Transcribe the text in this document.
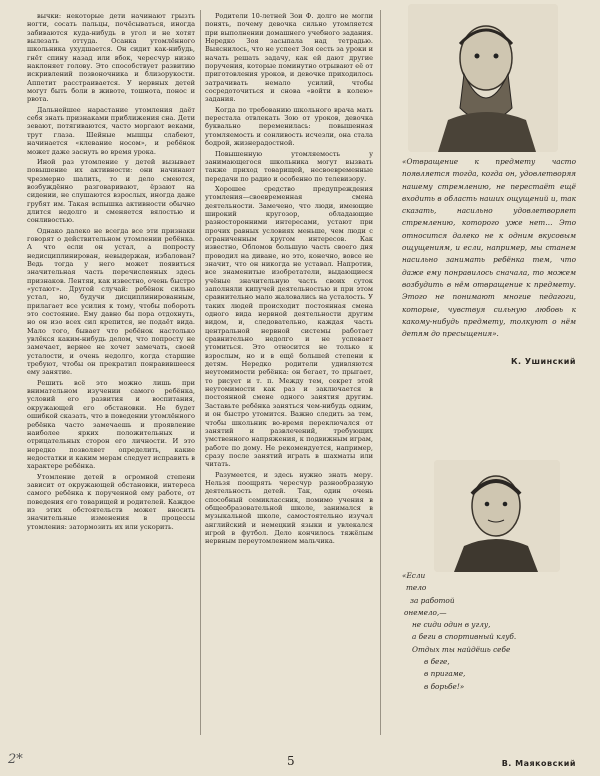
вычки: некоторые дети начинают грызть ногти, сосать пальцы, почёсываться, иногда забиваются куда-нибудь в угол и не хотят вылезать оттуда. Осанка утомлённого школьника ухудшается. Он сидит как-нибудь, гнёт спину назад или вбок, чересчур низко наклоняет голову. Это способствует развитию искривлений позвоночника и близорукости. Аппетит расстраивается. У нервных детей могут быть боли в животе, тошнота, понос и рвота.

Дальнейшее нарастание утомления даёт себя знать признаками приближения сна. Дети зевают, потягиваются, часто моргают веками, трут глаза. Шейные мышцы слабеют, начинается «клевание носом», и ребёнок может даже заснуть во время урока.

Иной раз утомление у детей вызывает повышение их активности: они начинают чрезмерно шалить, то и дело смеются, возбуждённо разговаривают, ёрзают на сидении, не слушаются взрослых, иногда даже грубят им. Такая вспышка активности обычно длится недолго и сменяется вялостью и сонливостью.

Однако далеко не всегда все эти признаки говорят о действительном утомлении ребёнка. А что если он устал, а попросту недисциплинирован, невыдержан, избалован? Ведь тогда у него может появиться значительная часть перечисленных здесь признаков. Лентяи, как известно, очень быстро «устают». Другой случай: ребёнок сильно устал, но, будучи дисциплинированным, прилагает все усилия к тому, чтобы побороть это состояние. Ему давно бы пора отдохнуть, но он изо всех сил крепится, не подаёт вида. Мало того, бывает что ребёнок настолько увлёкся каким-нибудь делом, что попросту не замечает, вернее не хочет замечать, своей усталости, и очень недолго, когда старшие требуют, чтобы он прекратил понравившееся ему занятие.

Решить всё это можно лишь при внимательном изучении самого ребёнка, условий его развития и воспитания, окружающей его обстановки. Не будет ошибкой сказать, что в поведении утомлённого ребёнка часто замечаешь и проявление наиболее ярких положительных и отрицательных сторон его личности. И это нередко позволяет определить, какие недостатки и каким мерам следует исправить в характере ребёнка.

Утомление детей в огромной степени зависит от окружающей обстановки, интереса самого ребёнка к порученной ему работе, от поведения его товарищей и родителей. Каждое из этих обстоятельств может вносить значительные изменения в процессы утомления: затормозить их или ускорить.

Родители 10-летней Зои Ф. долго не могли понять, почему девочка сильно утомляется при выполнении домашнего учебного задания. Нередко Зоя засыпала над тетрадью. Выяснилось, что не успеет Зоя сесть за уроки и начать решать задачу, как ей дают другие поручения, которые поминутно отрывают её от приготовления уроков, и девочке приходилось затрачивать немало усилий, чтобы сосредоточиться и снова «войти в колею» задания.

Когда по требованию школьного врача мать перестала отвлекать Зою от уроков, девочка буквально переменилась: повышенная утомляемость и сонливость исчезли, она стала бодрой, жизнерадостной.

Повышенную утомляемость у занимающегося школьника могут вызвать также приход товарищей, несвоевременные передачи по радио и особенно по телевизору.

Хорошее средство предупреждения утомления—своевременная смена деятельности. Замечено, что люди, имеющие широкий кругозор, обладающие разносторонними интересами, устают при прочих равных условиях меньше, чем люди с ограниченным кругом интересов. Как известно, Обломов большую часть своего дня проводил на диване, но это, конечно, вовсе не значит, что он никогда не уставал. Напротив, все знаменитые изобретатели, выдающиеся учёные значительную часть своих суток заполняли кипучей деятельностью и при этом сравнительно мало жаловались на усталость. У таких людей происходит постоянная смена одного вида нервной деятельности другим видом, и, следовательно, каждая часть центральной нервной системы работает сравнительно недолго и не успевает утомиться. Это относится не только к взрослым, но и в ещё большей степени к детям. Нередко родители удивляются неутомимости ребёнка: он бегает, то прыгает, то рисует и т. п. Между тем, секрет этой неутомимости как раз и заключается в постоянной смене одного занятия другим. Заставьте ребёнка заняться чем-нибудь одним, и он быстро утомится. Важно следить за тем, чтобы школьник во-время переключался от занятий и развлечений, требующих умственного напряжения, к подвижным играм, работе по дому. Не рекомендуется, например, сразу после занятий играть в шахматы или читать.

Разумеется, и здесь нужно знать меру. Нельзя поощрять чересчур разнообразную деятельность детей. Так, один очень способный семиклассник, помимо учения в общеобразовательной школе, занимался в музыкальной школе, самостоятельно изучал английский и немецкий языки и увлекался игрой в футбол. Дело кончилось тяжёлым нервным переутомлением мальчика.

«Отвращение к предмету часто появляется тогда, когда он, удовлетворяя нашему стремлению, не перестаёт ещё входить в область наших ощущений и, так сказать, насильно удовлетворяет стремлению, которого уже нет… Это относится далеко не к одним вкусовым ощущениям, и если, например, мы станем насильно занимать ребёнка тем, что даже ему понравилось сначала, то можем возбудить в нём отвращение к предмету. Этого не понимают многие педагоги, которые, чувствуя сильную любовь к какому-нибудь предмету, толкуют о нём детям до пресыщения».
К. Ушинский
«Если
тело
за работой
онемело,—
не сиди один в углу,
а беги в спортивный клуб.
Отдых ты найдёшь себе
в беге,
в пригаме,
в борьбе!»
В. Маяковский
2*	5
